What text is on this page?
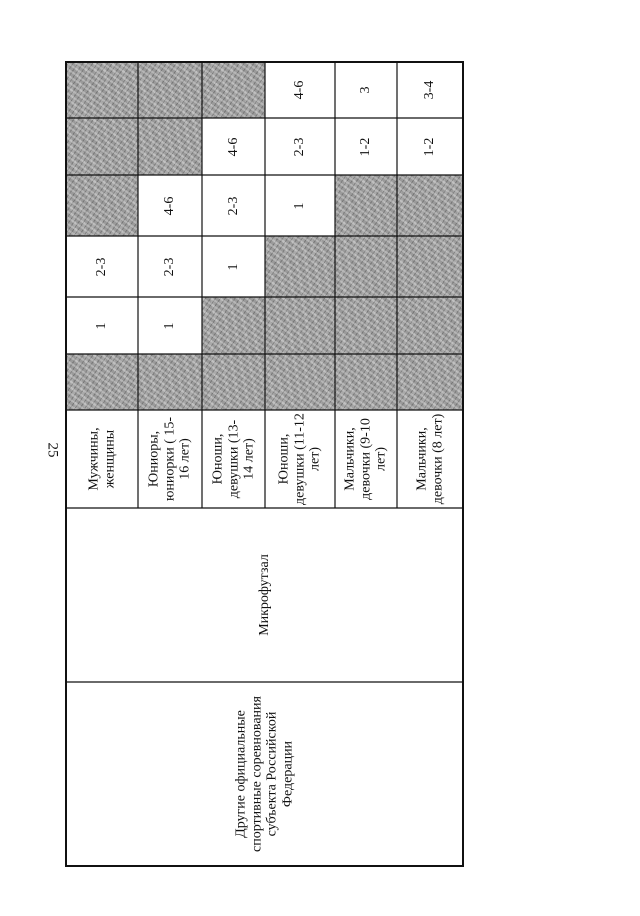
25
Другие официальные спортивные соревнования субъекта Российской Федерации
Микрофутзал
Мужчины, женщины
1
2-3
Юниоры, юниорки ( 15-16 лет)
1
2-3
4-6
Юноши, девушки (13-14 лет)
1
2-3
4-6
Юноши, девушки (11-12 лет)
1
2-3
4-6
Мальчики, девочки (9-10 лет)
1-2
3
Мальчики, девочки (8 лет)
1-2
3-4
